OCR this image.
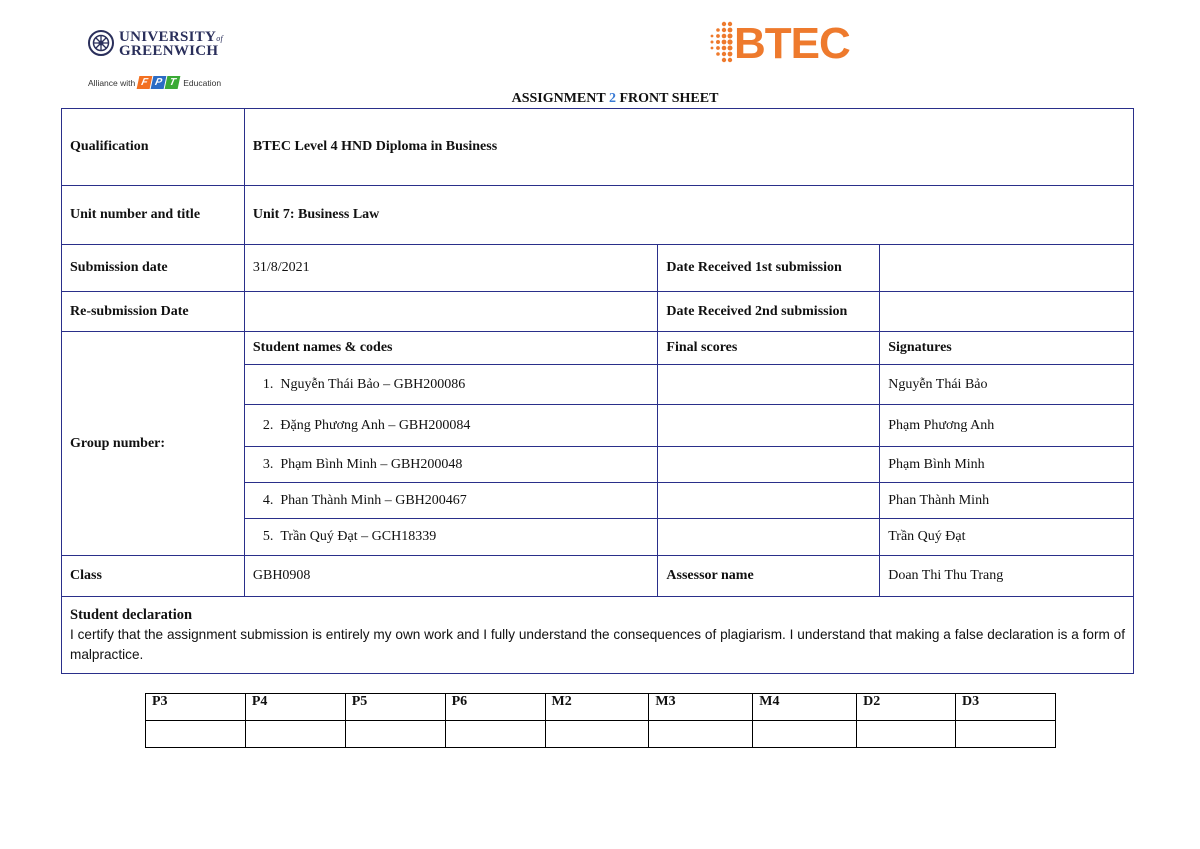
UNIVERSITYof
GREENWICH
Alliance with F P T Education
BTEC
ASSIGNMENT 2 FRONT SHEET
Qualification	BTEC Level 4 HND Diploma in Business		
Unit number and title	Unit 7: Business Law		
Submission date	31/8/2021	Date Received 1st submission	
Re-submission Date		Date Received 2nd submission	
Group number:	Student names & codes	Final scores	Signatures
	1. Nguyễn Thái Bảo – GBH200086		Nguyễn Thái Bảo
	2. Đặng Phương Anh – GBH200084		Phạm Phương Anh
	3. Phạm Bình Minh – GBH200048		Phạm Bình Minh
	4. Phan Thành Minh – GBH200467		Phan Thành Minh
	5. Trần Quý Đạt – GCH18339		Trần Quý Đạt
Class	GBH0908	Assessor name	Doan Thi Thu Trang

Student declaration
I certify that the assignment submission is entirely my own work and I fully understand the consequences of plagiarism. I understand that making a false declaration is a form of malpractice.			
P3	P4	P5	P6	M2	M3	M4	D2	D3
